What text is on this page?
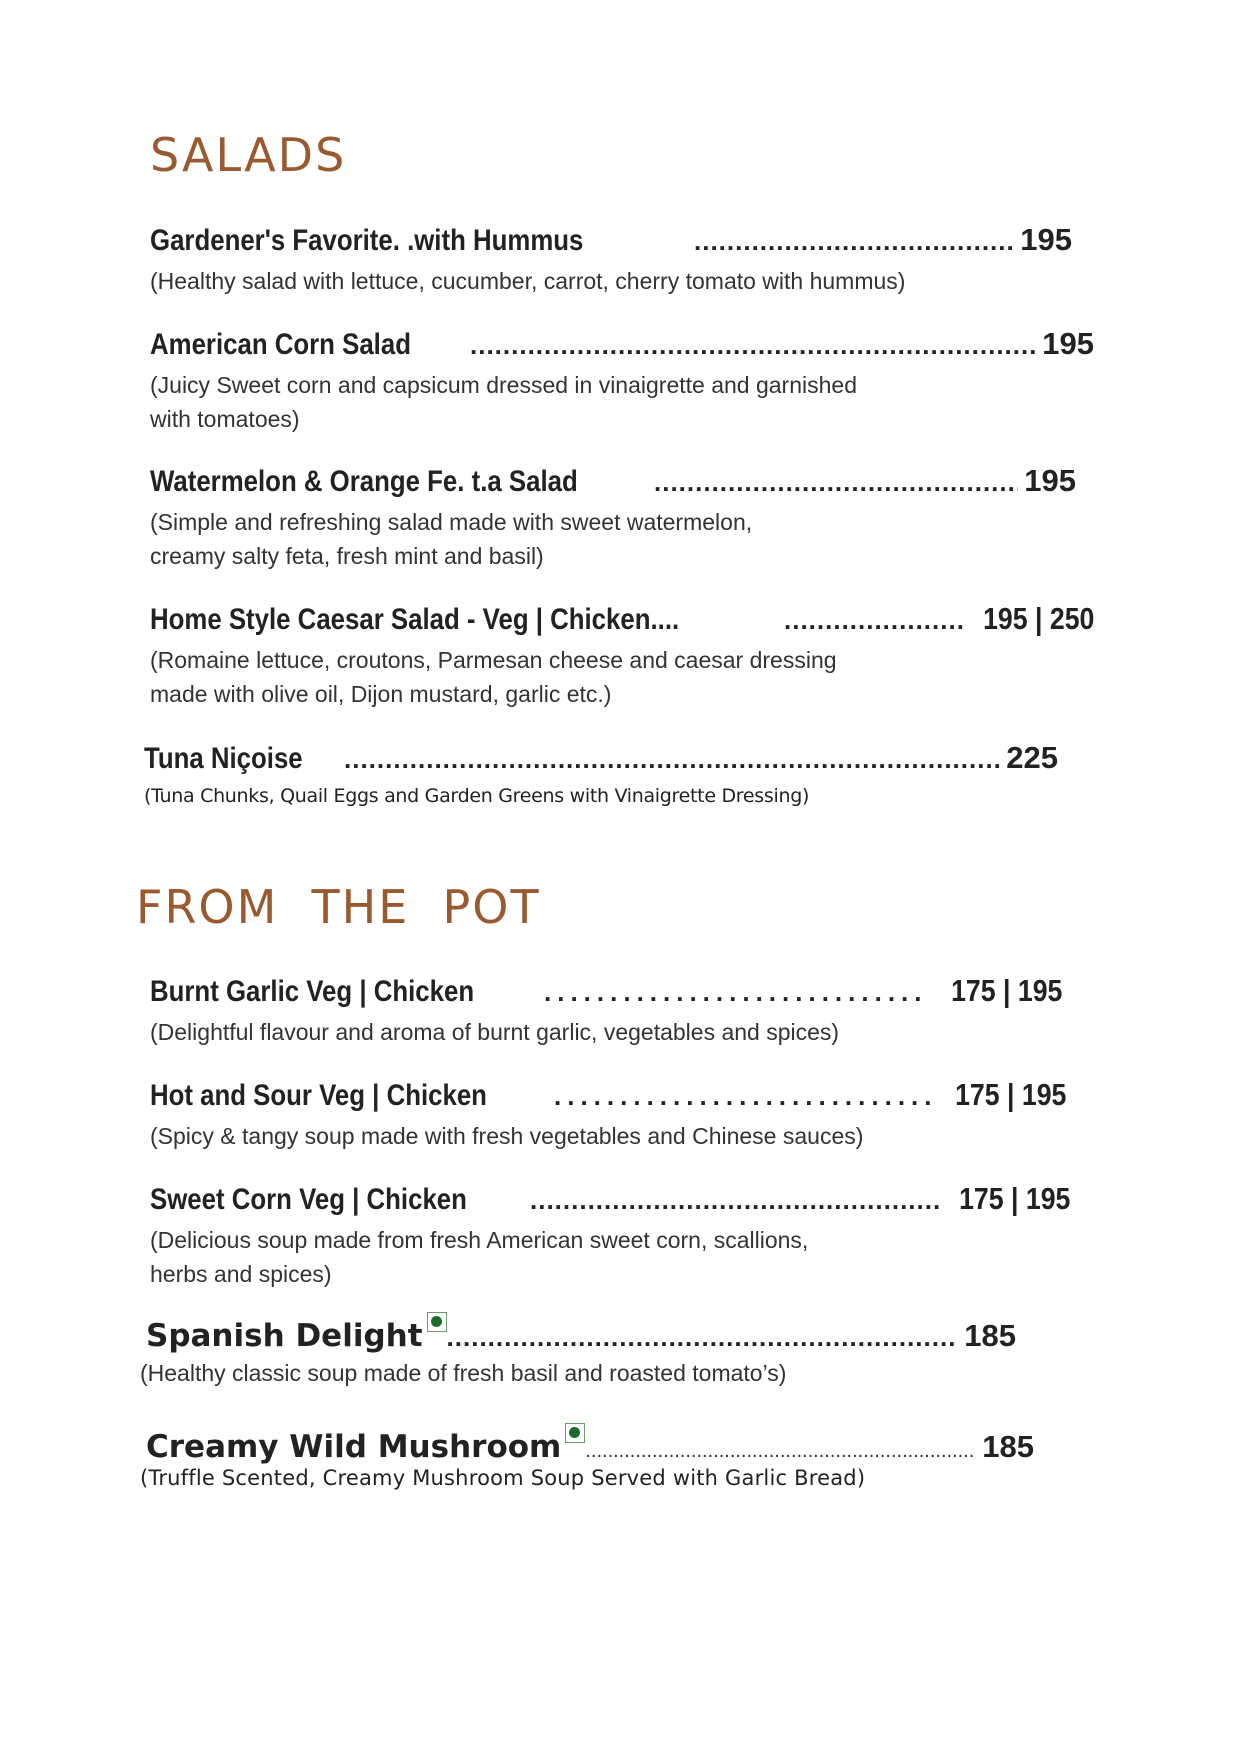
SALADS
Gardener's Favorite. .with Hummus .....	195

(Healthy salad with lettuce, cucumber, carrot, cherry tomato with hummus)

American Corn Salad .....	195

(Juicy Sweet corn and capsicum dressed in vinaigrette and garnished
with tomatoes)

Watermelon & Orange Fe. t.a Salad .....	195

(Simple and refreshing salad made with sweet watermelon,
creamy salty feta, fresh mint and basil)

Home Style Caesar Salad - Veg | Chicken.... .....	195 | 250

(Romaine lettuce, croutons, Parmesan cheese and caesar dressing
made with olive oil, Dijon mustard, garlic etc.)

Tuna Niçoise .....	225

(Tuna Chunks, Quail Eggs and Garden Greens with Vinaigrette Dressing)

FROM  THE  POT
Burnt Garlic Veg | Chicken .....	175 | 195

(Delightful flavour and aroma of burnt garlic, vegetables and spices)

Hot and Sour Veg | Chicken .....	175 | 195

(Spicy & tangy soup made with fresh vegetables and Chinese sauces)

Sweet Corn Veg | Chicken .....	175 | 195

(Delicious soup made from fresh American sweet corn, scallions,
herbs and spices)

Spanish Delight .....	185

(Healthy classic soup made of fresh basil and roasted tomato’s)

Creamy Wild Mushroom .....	185

(Truffle Scented, Creamy Mushroom Soup Served with Garlic Bread)
